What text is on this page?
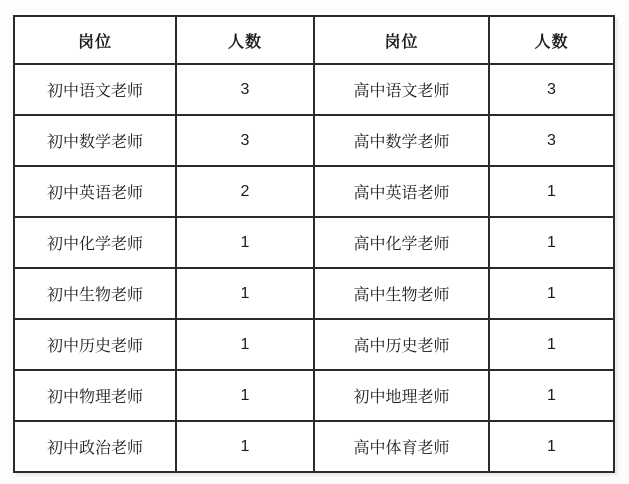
岗位	人数	岗位	人数
初中语文老师	3	高中语文老师	3
初中数学老师	3	高中数学老师	3
初中英语老师	2	高中英语老师	1
初中化学老师	1	高中化学老师	1
初中生物老师	1	高中生物老师	1
初中历史老师	1	高中历史老师	1
初中物理老师	1	初中地理老师	1
初中政治老师	1	高中体育老师	1
